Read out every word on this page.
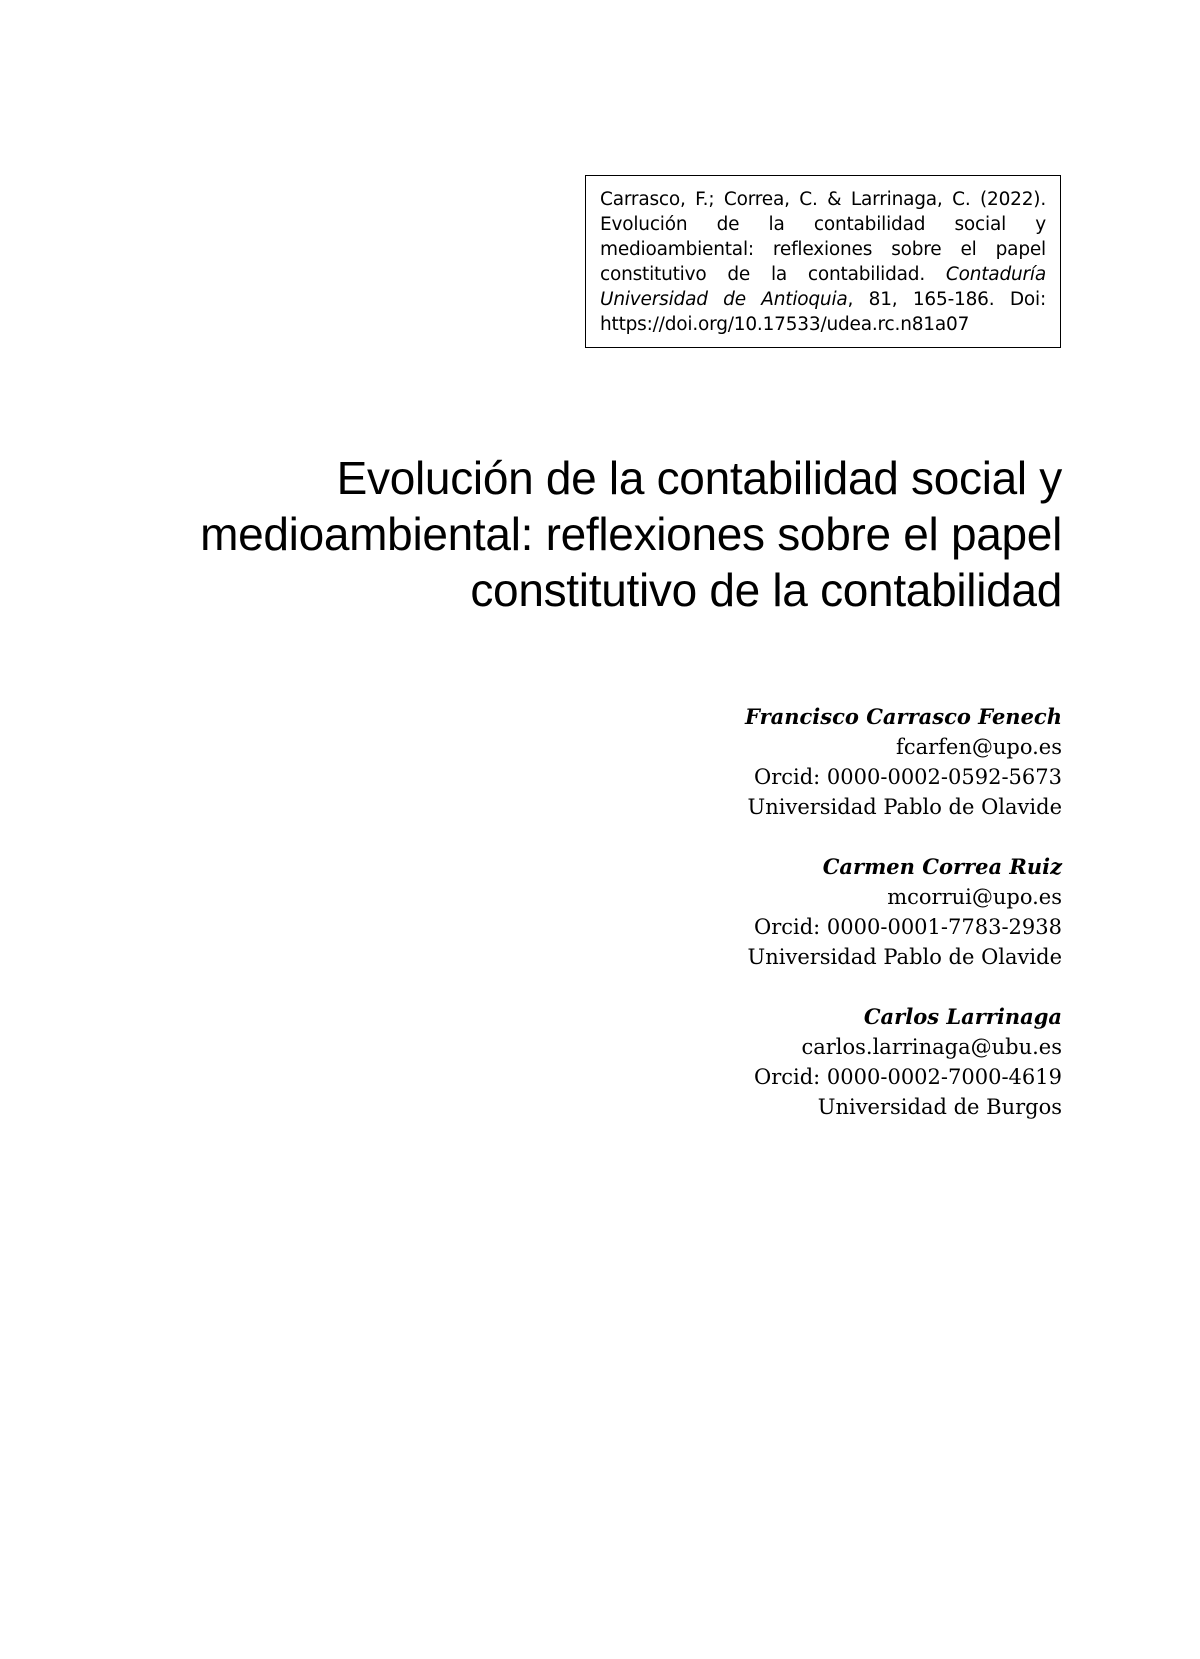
Carrasco, F.; Correa, C. & Larrinaga, C. (2022). Evolución de la contabilidad social y medioambiental: reflexiones sobre el papel constitutivo de la contabilidad. Contaduría Universidad de Antioquia, 81, 165-186. Doi: https://doi.org/10.17533/udea.rc.n81a07
Evolución de la contabilidad social y medioambiental: reflexiones sobre el papel constitutivo de la contabilidad
Francisco Carrasco Fenech
fcarfen@upo.es
Orcid: 0000-0002-0592-5673
Universidad Pablo de Olavide
Carmen Correa Ruiz
mcorrui@upo.es
Orcid: 0000-0001-7783-2938
Universidad Pablo de Olavide
Carlos Larrinaga
carlos.larrinaga@ubu.es
Orcid: 0000-0002-7000-4619
Universidad de Burgos
